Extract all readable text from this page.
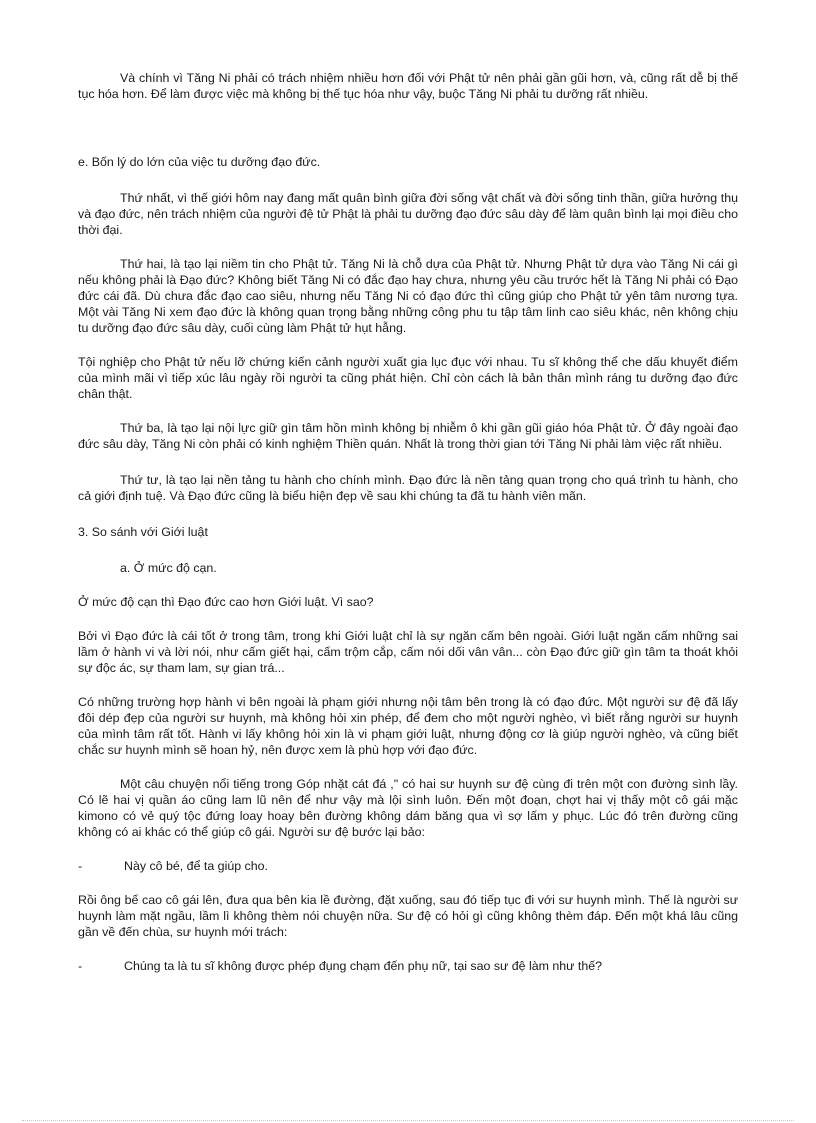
Và chính vì Tăng Ni phải có trách nhiệm nhiều hơn đối với Phật tử nên phải gần gũi hơn, và, cũng rất dễ bị thế tục hóa hơn. Để làm được việc mà không bị thế tục hóa như vậy, buộc Tăng Ni phải tu dưỡng rất nhiều.

e. Bốn lý do lớn của việc tu dưỡng đạo đức.

Thứ nhất, vì thế giới hôm nay đang mất quân bình giữa đời sống vật chất và đời sống tinh thần, giữa hưởng thụ và đạo đức, nên trách nhiệm của người đệ tử Phật là phải tu dưỡng đạo đức sâu dày để làm quân bình lại mọi điều cho thời đại.

Thứ hai, là tạo lại niềm tin cho Phật tử. Tăng Ni là chỗ dựa của Phật tử. Nhưng Phật tử dựa vào Tăng Ni cái gì nếu không phải là Đạo đức? Không biết Tăng Ni có đắc đạo hay chưa, nhưng yêu cầu trước hết là Tăng Ni phải có Đạo đức cái đã. Dù chưa đắc đạo cao siêu, nhưng nếu Tăng Ni có đạo đức thì cũng giúp cho Phật tử yên tâm nương tựa. Một vài Tăng Ni xem đạo đức là không quan trọng bằng những công phu tu tập tâm linh cao siêu khác, nên không chịu tu dưỡng đạo đức sâu dày, cuối cùng làm Phật tử hụt hẫng.

Tội nghiệp cho Phật tử nếu lỡ chứng kiến cảnh người xuất gia lục đục với nhau. Tu sĩ không thể che dấu khuyết điểm của mình mãi vì tiếp xúc lâu ngày rồi người ta cũng phát hiện. Chỉ còn cách là bản thân mình ráng tu dưỡng đạo đức chân thật.

Thứ ba, là tạo lại nội lực giữ gìn tâm hồn mình không bị nhiễm ô khi gần gũi giáo hóa Phật tử. Ở đây ngoài đạo đức sâu dày, Tăng Ni còn phải có kinh nghiệm Thiền quán. Nhất là trong thời gian tới Tăng Ni phải làm việc rất nhiều.

Thứ tư, là tạo lại nền tảng tu hành cho chính mình. Đạo đức là nền tảng quan trọng cho quá trình tu hành, cho cả giới định tuệ. Và Đạo đức cũng là biểu hiện đẹp về sau khi chúng ta đã tu hành viên mãn.

3. So sánh với Giới luật

a. Ở mức độ cạn.

Ở mức độ cạn thì Đạo đức cao hơn Giới luật. Vì sao?

Bởi vì Đạo đức là cái tốt ở trong tâm, trong khi Giới luật chỉ là sự ngăn cấm bên ngoài. Giới luật ngăn cấm những sai lầm ở hành vi và lời nói, như cấm giết hại, cấm trộm cắp, cấm nói dối vân vân... còn Đạo đức giữ gìn tâm ta thoát khỏi sự độc ác, sự tham lam, sự gian trá...

Có những trường hợp hành vi bên ngoài là phạm giới nhưng nội tâm bên trong là có đạo đức. Một người sư đệ đã lấy đôi dép đẹp của người sư huynh, mà không hỏi xin phép, để đem cho một người nghèo, vì biết rằng người sư huynh của mình tâm rất tốt. Hành vi lấy không hỏi xin là vi phạm giới luật, nhưng động cơ là giúp người nghèo, và cũng biết chắc sư huynh mình sẽ hoan hỷ, nên được xem là phù hợp với đạo đức.

Một câu chuyện nổi tiếng trong Góp nhặt cát đá ," có hai sư huynh sư đệ cùng đi trên một con đường sình lầy. Có lẽ hai vị quần áo cũng lam lũ nên để như vậy mà lội sình luôn. Đến một đoạn, chợt hai vị thấy một cô gái mặc kimono có vẻ quý tộc đứng loay hoay bên đường không dám băng qua vì sợ lấm y phục. Lúc đó trên đường cũng không có ai khác có thể giúp cô gái. Người sư đệ bước lại bảo:

-	Này cô bé, để ta giúp cho.

Rồi ông bế cao cô gái lên, đưa qua bên kia lề đường, đặt xuống, sau đó tiếp tục đi với sư huynh mình. Thế là người sư huynh làm mặt ngầu, lầm lì không thèm nói chuyện nữa. Sư đệ có hỏi gì cũng không thèm đáp. Đến một khá lâu cũng gần về đến chùa, sư huynh mới trách:

-	Chúng ta là tu sĩ không được phép đụng chạm đến phụ nữ, tại sao sư đệ làm như thế?
